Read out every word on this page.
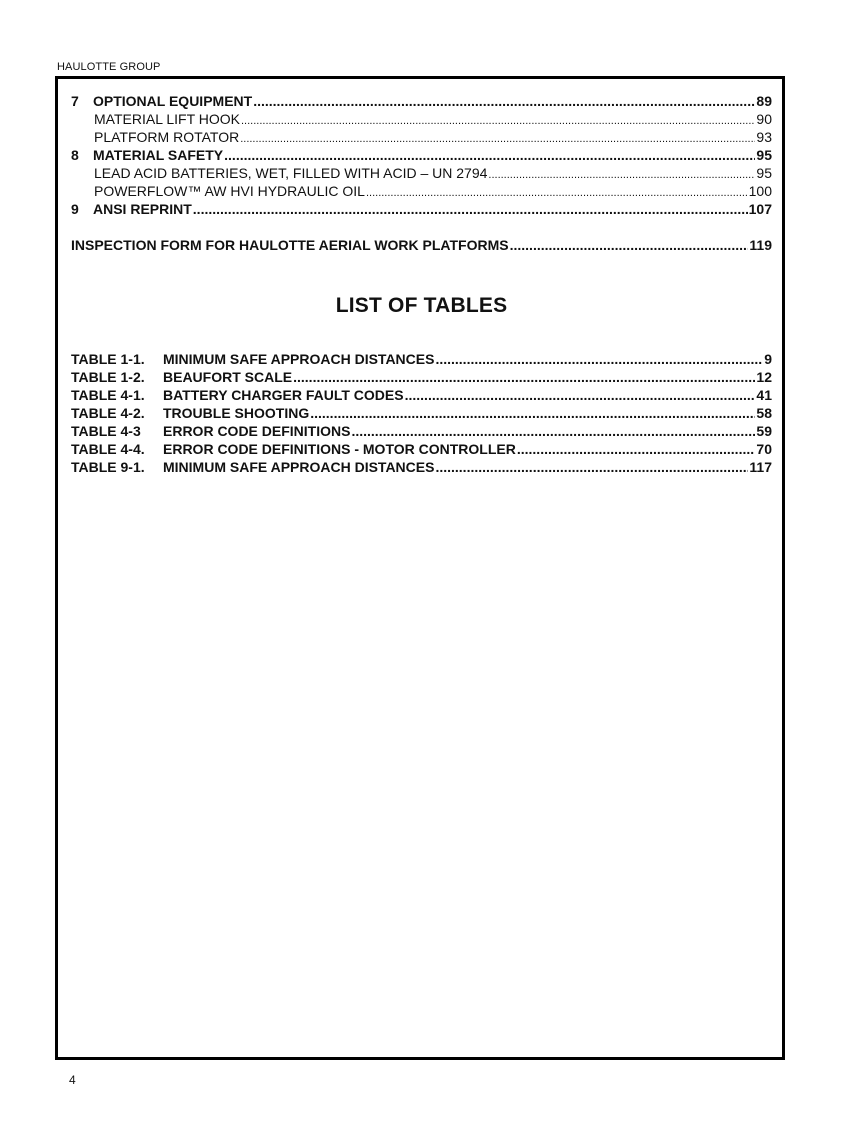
HAULOTTE GROUP
7 OPTIONAL EQUIPMENT .....	89
MATERIAL LIFT HOOK .....	90
PLATFORM ROTATOR .....	93
8 MATERIAL SAFETY .....	95
LEAD ACID BATTERIES, WET, FILLED WITH ACID – UN 2794 .....	95
POWERFLOW™ AW HVI HYDRAULIC OIL .....	100
9 ANSI REPRINT .....	107
INSPECTION FORM FOR HAULOTTE AERIAL WORK PLATFORMS .....	119
LIST OF TABLES
TABLE 1-1. MINIMUM SAFE APPROACH DISTANCES .....	9
TABLE 1-2. BEAUFORT SCALE .....	12
TABLE 4-1. BATTERY CHARGER FAULT CODES .....	41
TABLE 4-2. TROUBLE SHOOTING .....	58
TABLE 4-3 ERROR CODE DEFINITIONS .....	59
TABLE 4-4. ERROR CODE DEFINITIONS - MOTOR CONTROLLER .....	70
TABLE 9-1. MINIMUM SAFE APPROACH DISTANCES .....	117
4
